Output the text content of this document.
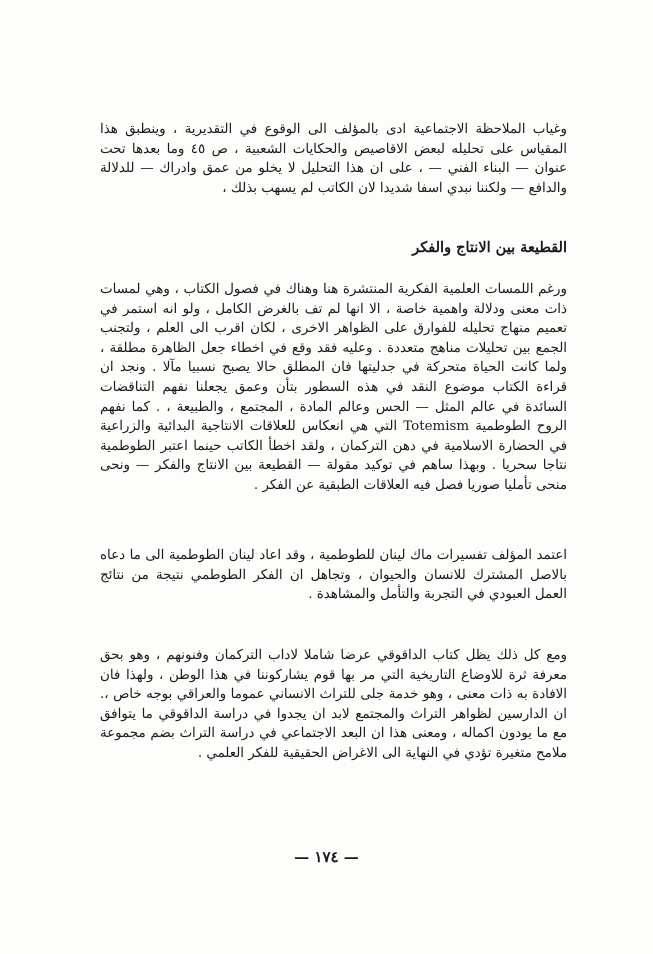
وغياب الملاحظة الاجتماعية ادى بالمؤلف الى الوقوع في التقديرية ، وينطبق هذا المقياس على تحليله لبعض الاقاصيص والحكايات الشعبية ، ص ٤٥ وما بعدها تحت عنوان — البناء الفني — ، على ان هذا التحليل لا يخلو من عمق وادراك — للدلالة والدافع — ولكننا نبدي اسفا شديدا لان الكاتب لم يسهب بذلك ،

القطيعة بين الانتاج والفكر

ورغم اللمسات العلمية الفكرية المنتشرة هنا وهناك في فصول الكتاب ، وهي لمسات ذات معنى ودلالة واهمية خاصة ، الا انها لم تف بالغرض الكامل ، ولو انه استمر في تعميم منهاج تحليله للفوارق على الظواهر الاخرى ، لكان اقرب الى العلم ، ولتجنب الجمع بين تحليلات مناهج متعددة . وعليه فقد وقع في اخطاء جعل الظاهرة مطلقة ، ولما كانت الحياة متحركة في جدليتها فان المطلق حالا يصبح نسبيا مآلا . ونجد ان قراءة الكتاب موضوع النقد في هذه السطور بتأن وعمق يجعلنا نفهم التناقضات السائدة في عالم المثل — الحس وعالم المادة ، المجتمع ، والطبيعة ، . كما نفهم الروح الطوطمية Totemism التي هي انعكاس للعلاقات الانتاجية البدائية والزراعية في الحضارة الاسلامية في دهن التركمان ، ولقد اخطأ الكاتب حينما اعتبر الطوطمية نتاجا سحريا . وبهذا ساهم في توكيد مقولة — القطيعة بين الانتاج والفكر — ونحى منحى تأمليا صوريا فصل فيه العلاقات الطبقية عن الفكر .

اعتمد المؤلف تفسيرات ماك لينان للطوطمية ، وقد اعاد لينان الطوطمية الى ما دعاه بالاصل المشترك للانسان والحيوان ، وتجاهل ان الفكر الطوطمي نتيجة من نتائج العمل العبودي في التجربة والتأمل والمشاهدة .

ومع كل ذلك يظل كتاب الداقوقي عرضا شاملا لاداب التركمان وفنونهم ، وهو بحق معرفة ثرة للاوضاع التاريخية التي مر بها قوم يشاركوننا في هذا الوطن ، ولهذا فان الافادة به ذات معنى ، وهو خدمة جلى للتراث الانساني عموما والعراقي بوجه خاص ،. ان الدارسين لظواهر التراث والمجتمع لابد ان يجدوا في دراسة الداقوقي ما يتوافق مع ما يودون اكماله ، ومعنى هذا ان البعد الاجتماعي في دراسة التراث بضم مجموعة ملامح متغيرة تؤدي في النهاية الى الاغراض الحقيقية للفكر العلمي .

— ١٧٤ —
